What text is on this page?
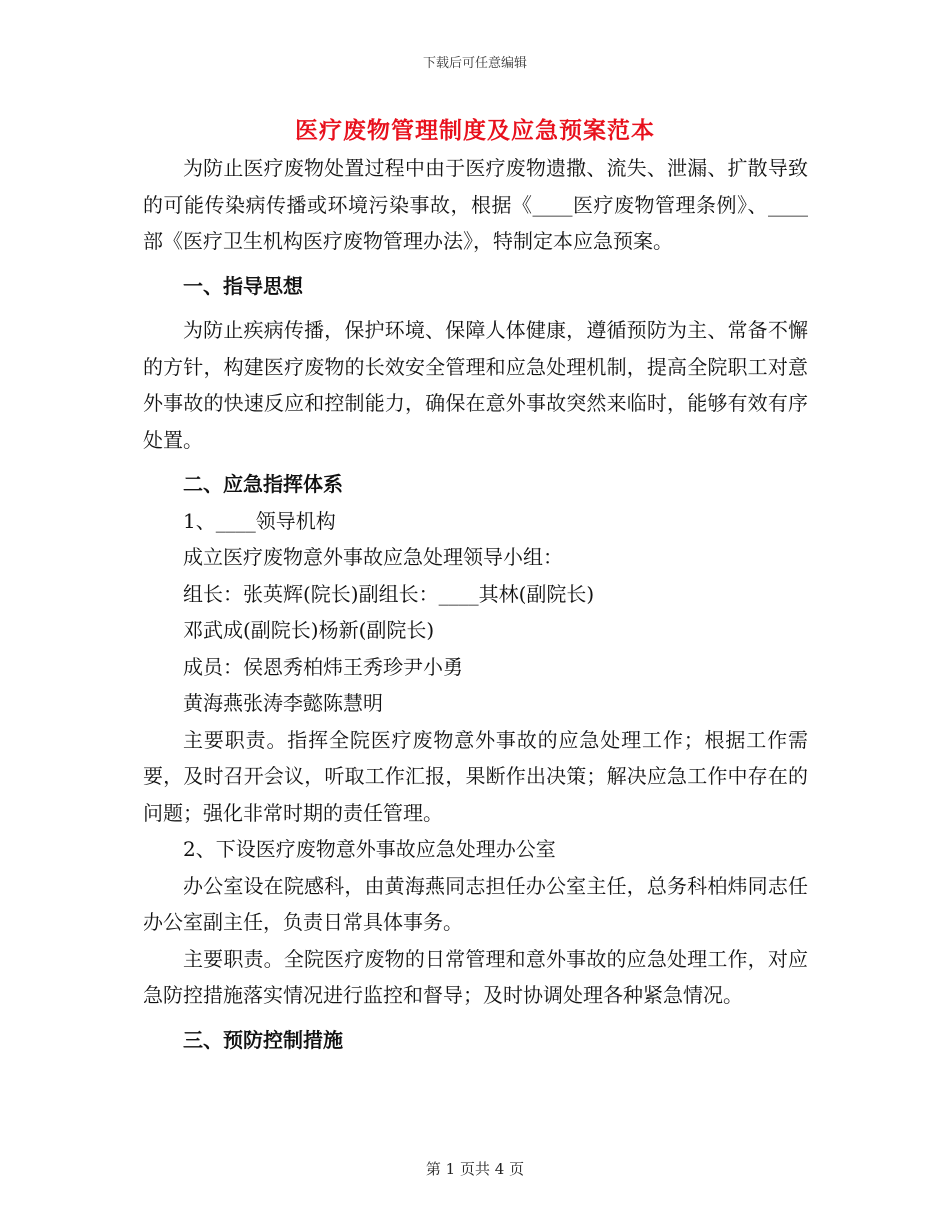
下载后可任意编辑
医疗废物管理制度及应急预案范本

为防止医疗废物处置过程中由于医疗废物遗撒、流失、泄漏、扩散导致的可能传染病传播或环境污染事故，根据《____医疗废物管理条例》、____部《医疗卫生机构医疗废物管理办法》，特制定本应急预案。

一、指导思想

为防止疾病传播，保护环境、保障人体健康，遵循预防为主、常备不懈的方针，构建医疗废物的长效安全管理和应急处理机制，提高全院职工对意外事故的快速反应和控制能力，确保在意外事故突然来临时，能够有效有序处置。

二、应急指挥体系

1、____领导机构

成立医疗废物意外事故应急处理领导小组：

组长：张英辉(院长)副组长：____其林(副院长)

邓武成(副院长)杨新(副院长)

成员：侯恩秀柏炜王秀珍尹小勇

黄海燕张涛李懿陈慧明

主要职责。指挥全院医疗废物意外事故的应急处理工作；根据工作需要，及时召开会议，听取工作汇报，果断作出决策；解决应急工作中存在的问题；强化非常时期的责任管理。

2、下设医疗废物意外事故应急处理办公室

办公室设在院感科，由黄海燕同志担任办公室主任，总务科柏炜同志任办公室副主任，负责日常具体事务。

主要职责。全院医疗废物的日常管理和意外事故的应急处理工作，对应急防控措施落实情况进行监控和督导；及时协调处理各种紧急情况。

三、预防控制措施

第 1 页共 4 页
